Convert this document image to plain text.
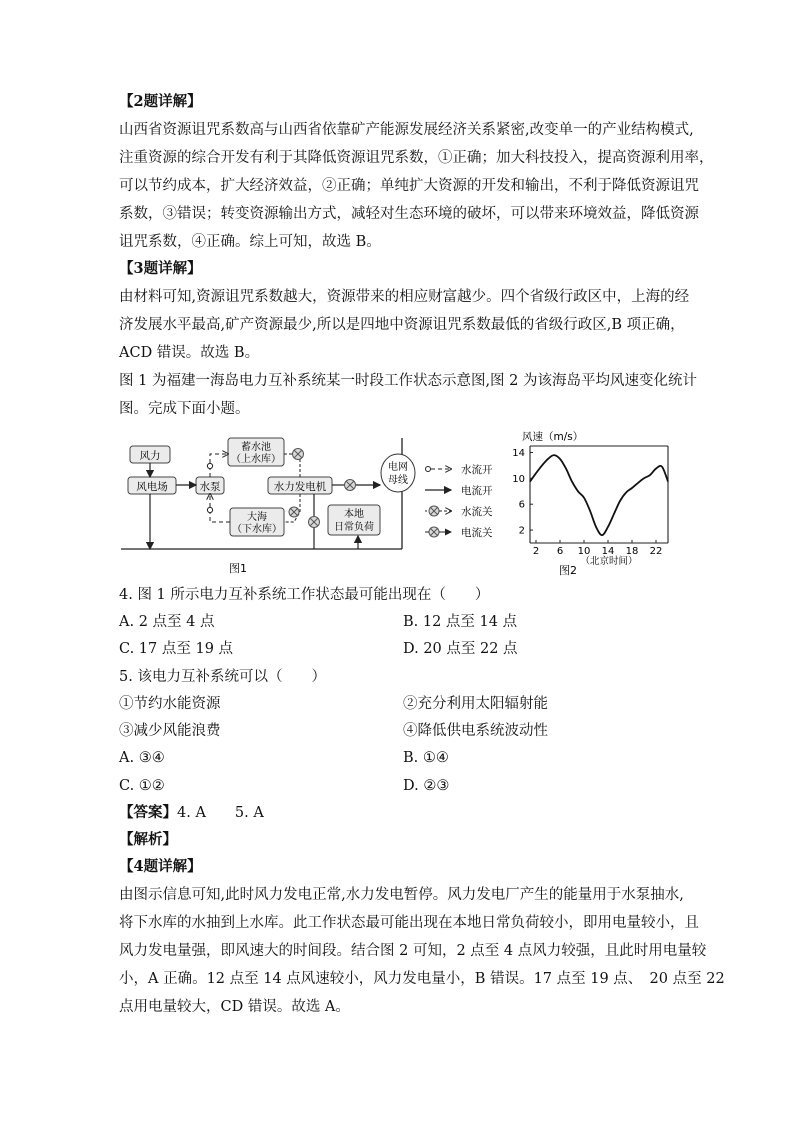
【2题详解】
山西省资源诅咒系数高与山西省依靠矿产能源发展经济关系紧密,改变单一的产业结构模式,
注重资源的综合开发有利于其降低资源诅咒系数，①正确；加大科技投入，提高资源利用率，
可以节约成本，扩大经济效益，②正确；单纯扩大资源的开发和输出，不利于降低资源诅咒
系数，③错误；转变资源输出方式，减轻对生态环境的破坏，可以带来环境效益，降低资源
诅咒系数，④正确。综上可知，故选 B。
【3题详解】
由材料可知,资源诅咒系数越大，资源带来的相应财富越少。四个省级行政区中，上海的经
济发展水平最高,矿产资源最少,所以是四地中资源诅咒系数最低的省级行政区,B 项正确，
ACD 错误。故选 B。
图 1 为福建一海岛电力互补系统某一时段工作状态示意图,图 2 为该海岛平均风速变化统计
图。完成下面小题。
风力
风电场	水泵
蓄水池
（上水库）
水力发电机
大海
（下水库）
本地
日常负荷
电网
母线
图1
水流开
电流开
水流关
电流关
风速（m/s）
2 6 10 14 18 22
2
6
10
14
（北京时间）
图2
4. 图 1 所示电力互补系统工作状态最可能出现在（　　）
A. 2 点至 4 点	B. 12 点至 14 点
C. 17 点至 19 点	D. 20 点至 22 点
5. 该电力互补系统可以（　　）
①节约水能资源	②充分利用太阳辐射能
③减少风能浪费	④降低供电系统波动性
A. ③④	B. ①④
C. ①②	D. ②③
【答案】4. A　　5. A
【解析】
【4题详解】
由图示信息可知,此时风力发电正常,水力发电暂停。风力发电厂产生的能量用于水泵抽水,
将下水库的水抽到上水库。此工作状态最可能出现在本地日常负荷较小，即用电量较小，且
风力发电量强，即风速大的时间段。结合图 2 可知，2 点至 4 点风力较强，且此时用电量较
小，A 正确。12 点至 14 点风速较小，风力发电量小，B 错误。17 点至 19 点、　20 点至 22
点用电量较大，CD 错误。故选 A。
